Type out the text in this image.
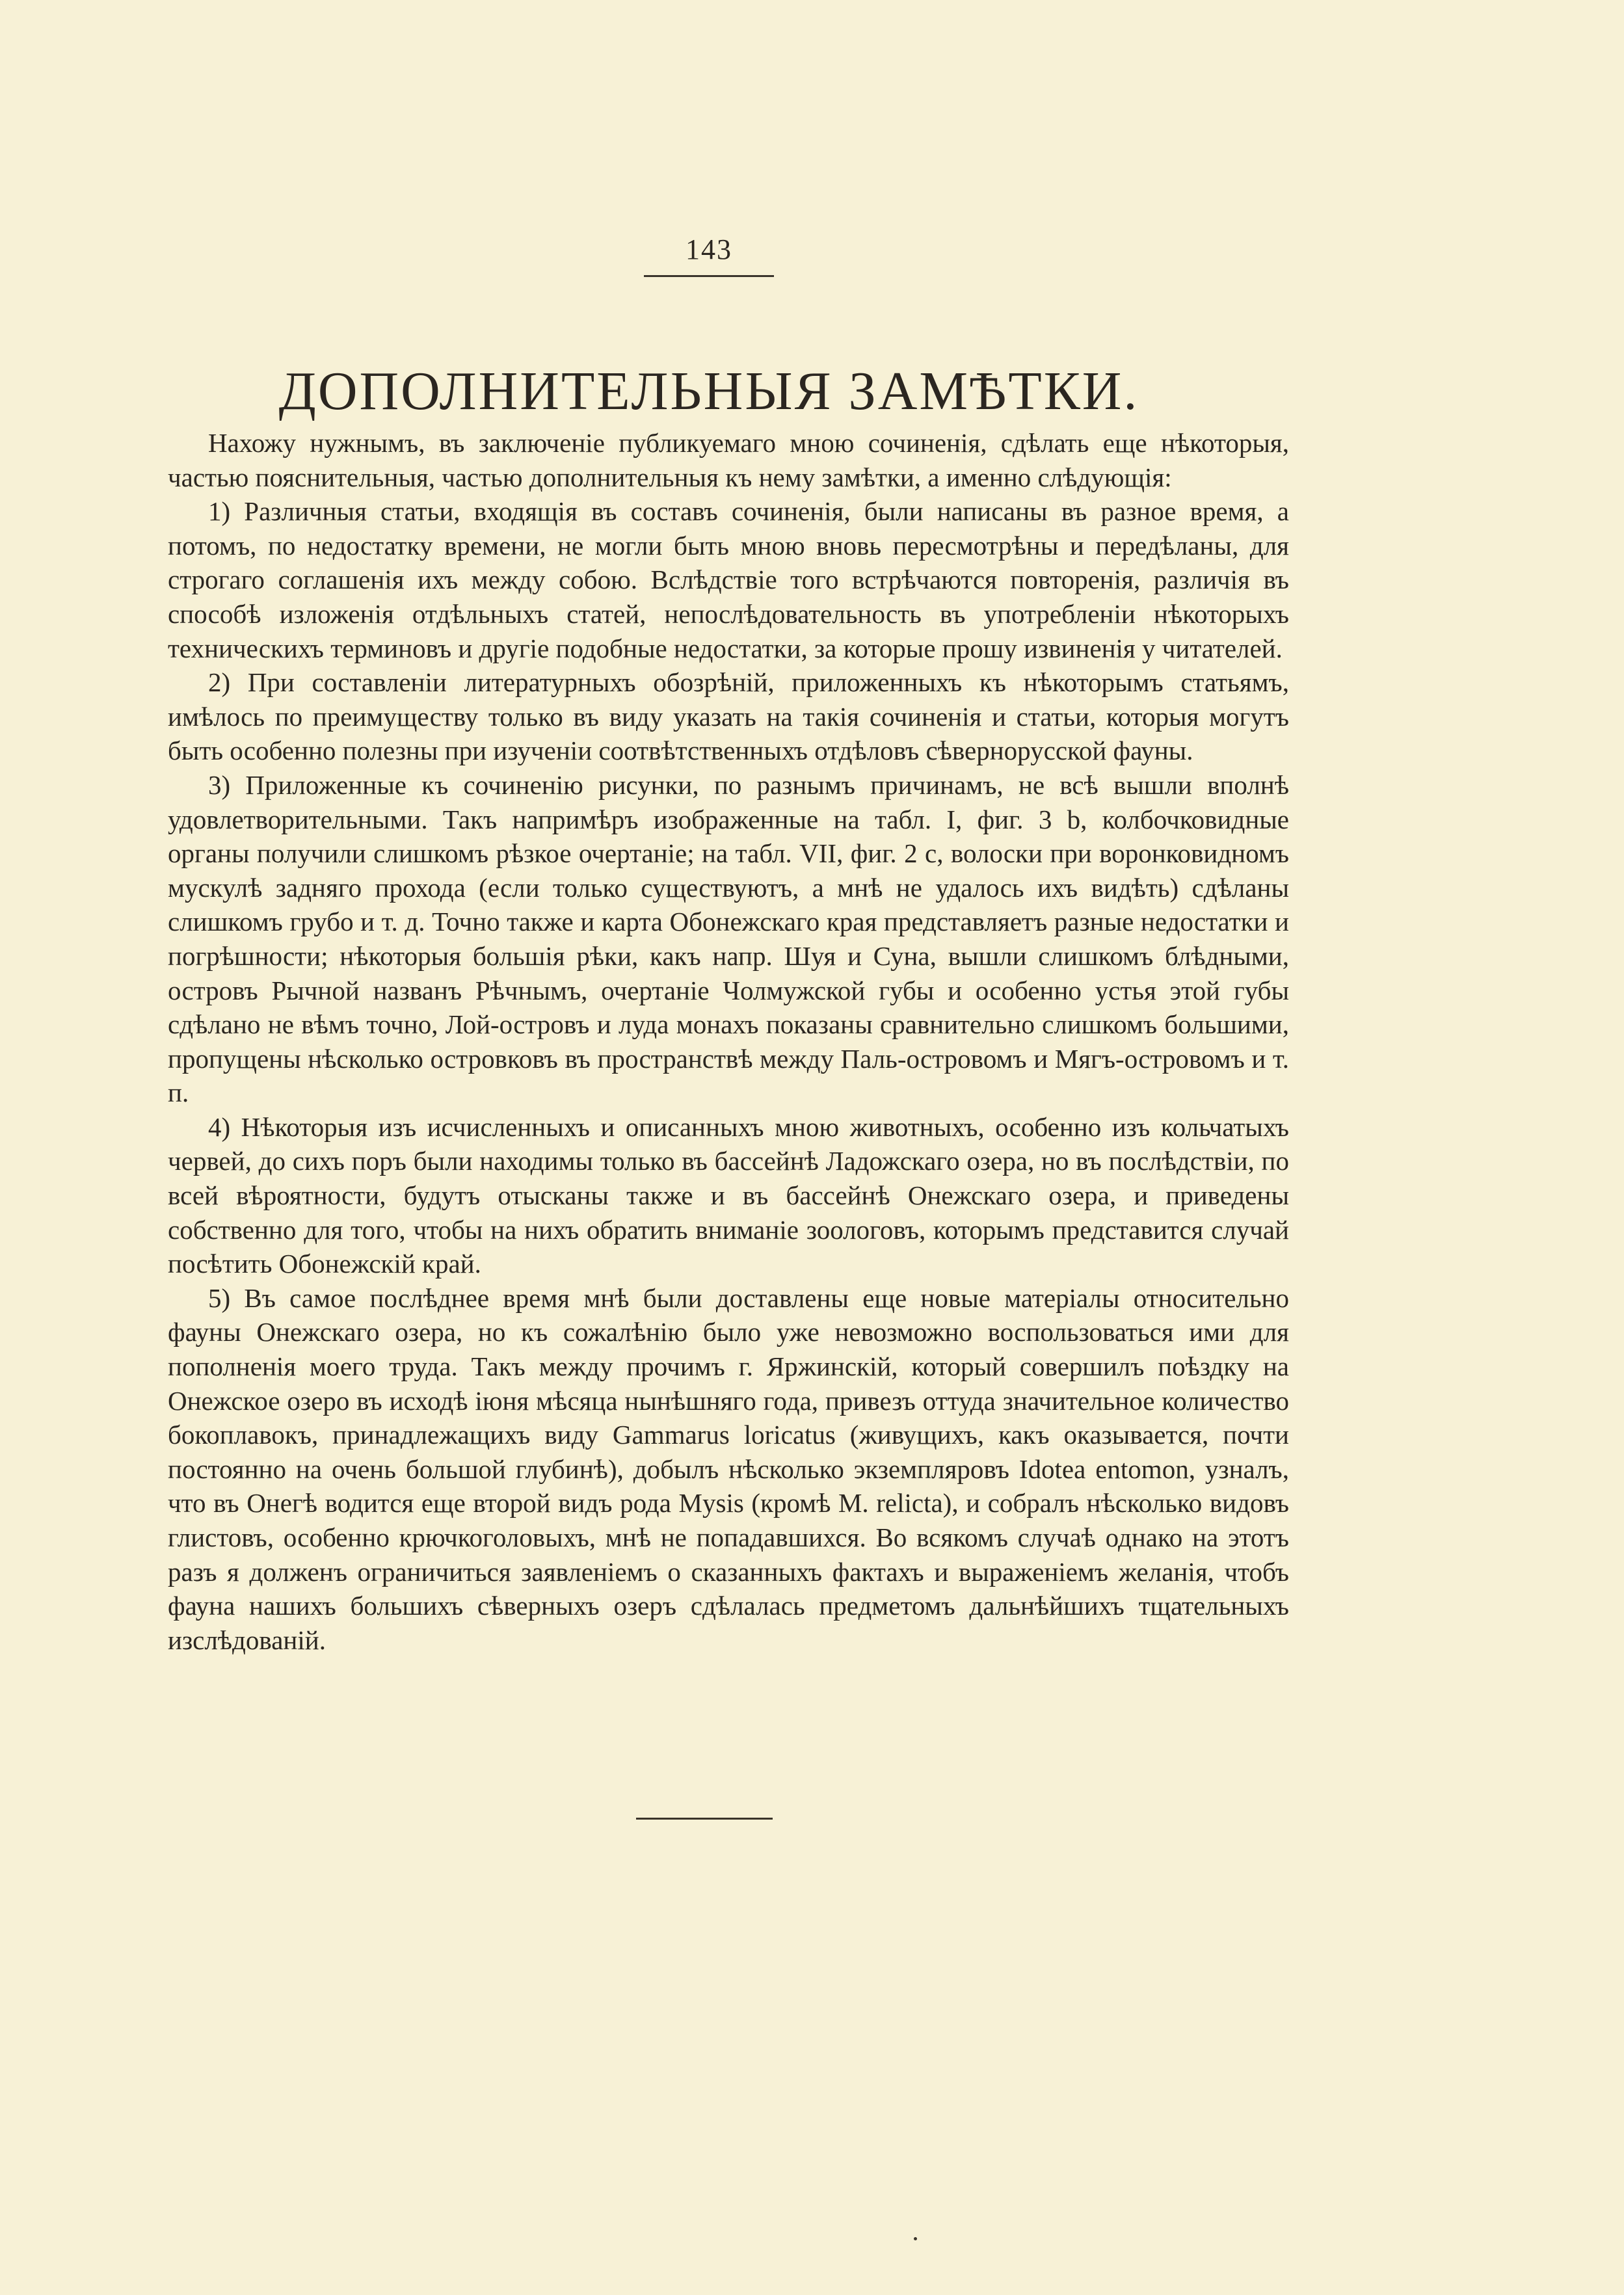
143
ДОПОЛНИТЕЛЬНЫЯ ЗАМѢТКИ.

Нахожу нужнымъ, въ заключеніе публикуемаго мною сочиненія, сдѣлать еще нѣкоторыя, частью пояснительныя, частью дополнительныя къ нему замѣтки, а именно слѣдующія:

1) Различныя статьи, входящія въ составъ сочиненія, были написаны въ разное время, а потомъ, по недостатку времени, не могли быть мною вновь пересмотрѣны и передѣланы, для строгаго соглашенія ихъ между собою. Вслѣдствіе того встрѣчаются повторенія, различія въ способѣ изложенія отдѣльныхъ статей, непослѣдовательность въ употребленіи нѣкоторыхъ техническихъ терминовъ и другіе подобные недостатки, за которые прошу извиненія у читателей.

2) При составленіи литературныхъ обозрѣній, приложенныхъ къ нѣкоторымъ статьямъ, имѣлось по преимуществу только въ виду указать на такія сочиненія и статьи, которыя могутъ быть особенно полезны при изученіи соотвѣтственныхъ отдѣловъ сѣвернорусской фауны.

3) Приложенные къ сочиненію рисунки, по разнымъ причинамъ, не всѣ вышли вполнѣ удовлетворительными. Такъ напримѣръ изображенные на табл. I, фиг. 3 b, колбочковидные органы получили слишкомъ рѣзкое очертаніе; на табл. VII, фиг. 2 c, волоски при воронковидномъ мускулѣ задняго прохода (если только существуютъ, а мнѣ не удалось ихъ видѣть) сдѣланы слишкомъ грубо и т. д. Точно также и карта Обонежскаго края представляетъ разные недостатки и погрѣшности; нѣкоторыя большія рѣки, какъ напр. Шуя и Суна, вышли слишкомъ блѣдными, островъ Рычной названъ Рѣчнымъ, очертаніе Чолмужской губы и особенно устья этой губы сдѣлано не вѣмъ точно, Лой-островъ и луда монахъ показаны сравнительно слишкомъ большими, пропущены нѣсколько островковъ въ пространствѣ между Паль-островомъ и Мягъ-островомъ и т. п.

4) Нѣкоторыя изъ исчисленныхъ и описанныхъ мною животныхъ, особенно изъ кольчатыхъ червей, до сихъ поръ были находимы только въ бассейнѣ Ладожскаго озера, но въ послѣдствіи, по всей вѣроятности, будутъ отысканы также и въ бассейнѣ Онежскаго озера, и приведены собственно для того, чтобы на нихъ обратить вниманіе зоологовъ, которымъ представится случай посѣтить Обонежскій край.

5) Въ самое послѣднее время мнѣ были доставлены еще новые матеріалы относительно фауны Онежскаго озера, но къ сожалѣнію было уже невозможно воспользоваться ими для пополненія моего труда. Такъ между прочимъ г. Яржинскій, который совершилъ поѣздку на Онежское озеро въ исходѣ іюня мѣсяца нынѣшняго года, привезъ оттуда значительное количество бокоплавокъ, принадлежащихъ виду Gammarus loricatus (живущихъ, какъ оказывается, почти постоянно на очень большой глубинѣ), добылъ нѣсколько экземпляровъ Idotea entomon, узналъ, что въ Онегѣ водится еще второй видъ рода Mysis (кромѣ M. relicta), и собралъ нѣсколько видовъ глистовъ, особенно крючкоголовыхъ, мнѣ не попадавшихся. Во всякомъ случаѣ однако на этотъ разъ я долженъ ограничиться заявленіемъ о сказанныхъ фактахъ и выраженіемъ желанія, чтобъ фауна нашихъ большихъ сѣверныхъ озеръ сдѣлалась предметомъ дальнѣйшихъ тщательныхъ изслѣдованій.
